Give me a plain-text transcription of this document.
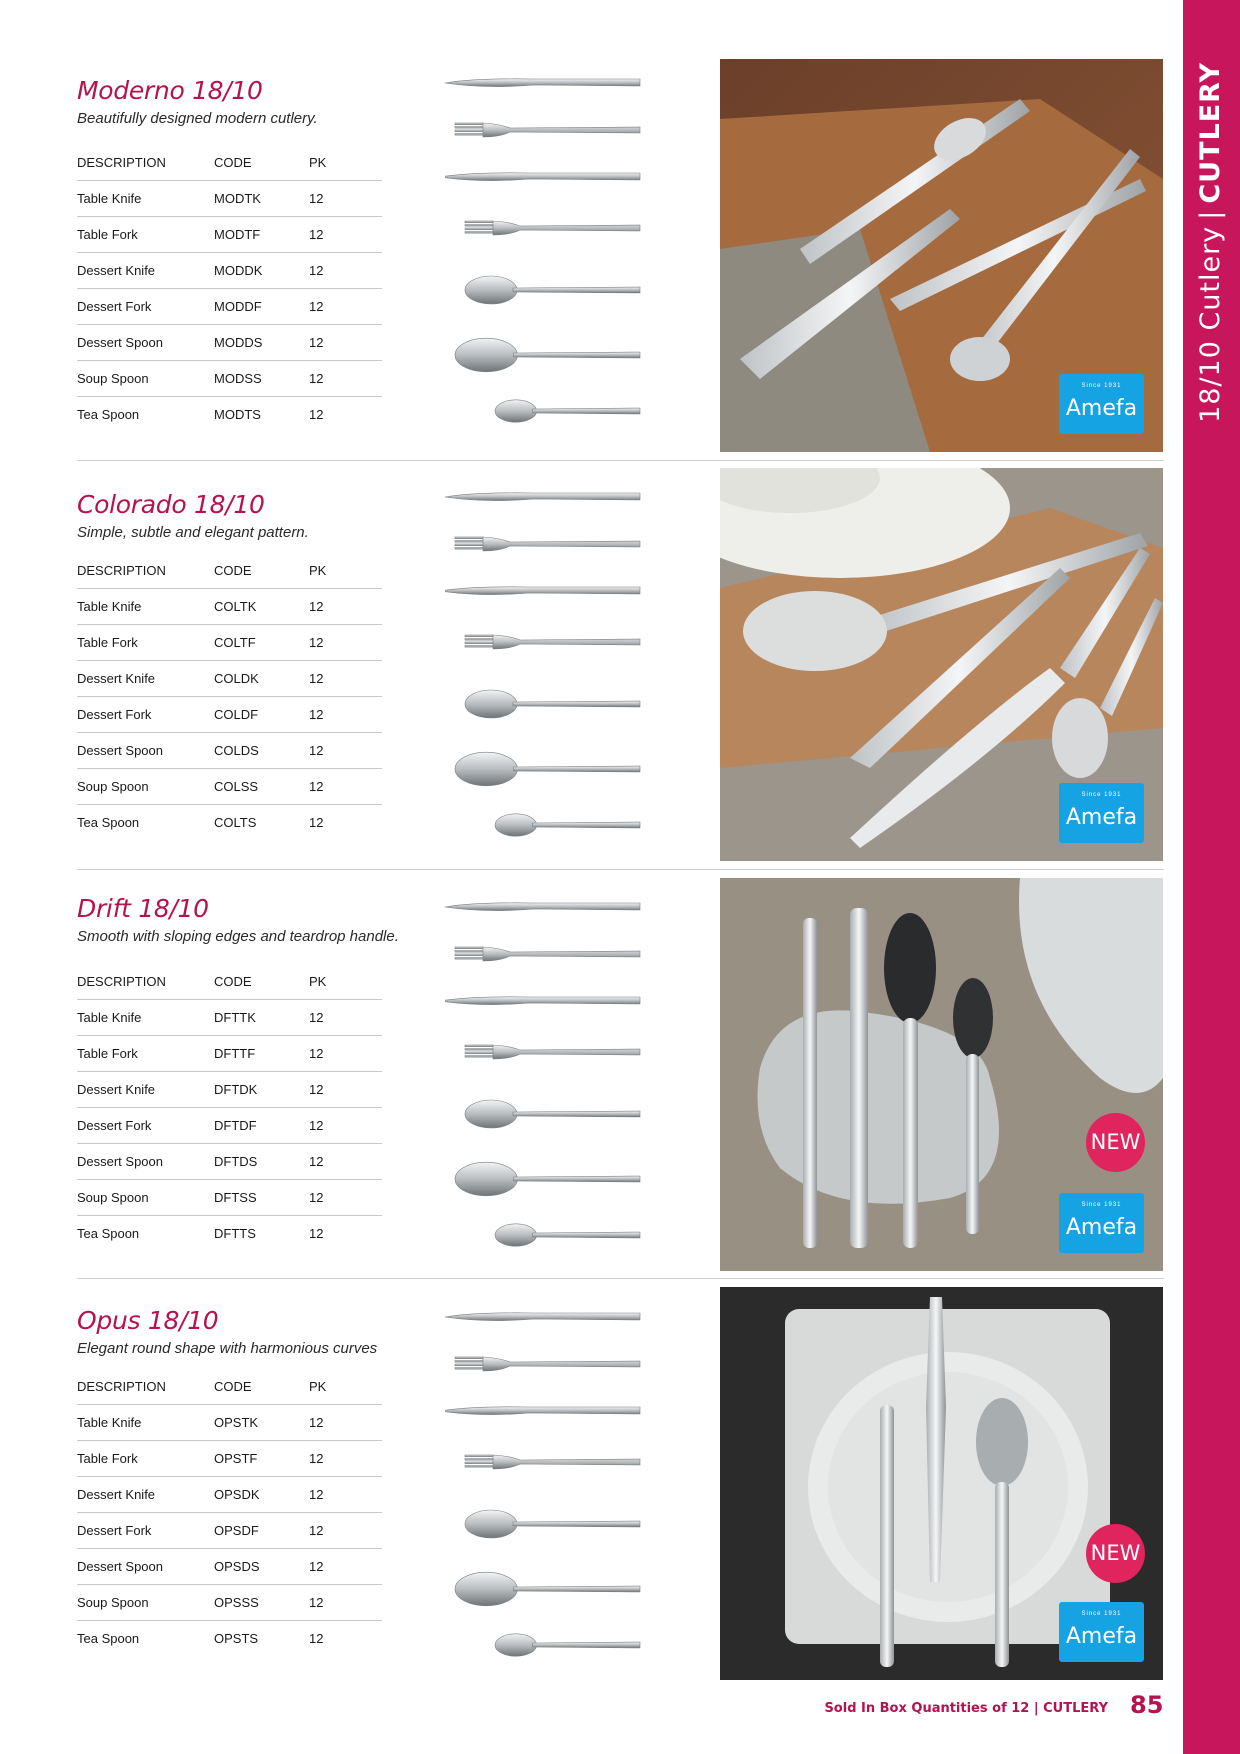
18/10 Cutlery|CUTLERY
Moderno 18/10

Beautifully designed modern cutlery.

DESCRIPTION	CODE	PK
Table Knife	MODTK	12
Table Fork	MODTF	12
Dessert Knife	MODDK	12
Dessert Fork	MODDF	12
Dessert Spoon	MODDS	12
Soup Spoon	MODSS	12
Tea Spoon	MODTS	12
Since 1931
Amefa
Colorado 18/10

Simple, subtle and elegant pattern.

DESCRIPTION	CODE	PK
Table Knife	COLTK	12
Table Fork	COLTF	12
Dessert Knife	COLDK	12
Dessert Fork	COLDF	12
Dessert Spoon	COLDS	12
Soup Spoon	COLSS	12
Tea Spoon	COLTS	12
Since 1931
Amefa
Drift 18/10

Smooth with sloping edges and teardrop handle.

DESCRIPTION	CODE	PK
Table Knife	DFTTK	12
Table Fork	DFTTF	12
Dessert Knife	DFTDK	12
Dessert Fork	DFTDF	12
Dessert Spoon	DFTDS	12
Soup Spoon	DFTSS	12
Tea Spoon	DFTTS	12
NEW
Since 1931
Amefa
Opus 18/10

Elegant round shape with harmonious curves

DESCRIPTION	CODE	PK
Table Knife	OPSTK	12
Table Fork	OPSTF	12
Dessert Knife	OPSDK	12
Dessert Fork	OPSDF	12
Dessert Spoon	OPSDS	12
Soup Spoon	OPSSS	12
Tea Spoon	OPSTS	12
NEW
Since 1931
Amefa
Sold In Box Quantities of 12 | CUTLERY 85
